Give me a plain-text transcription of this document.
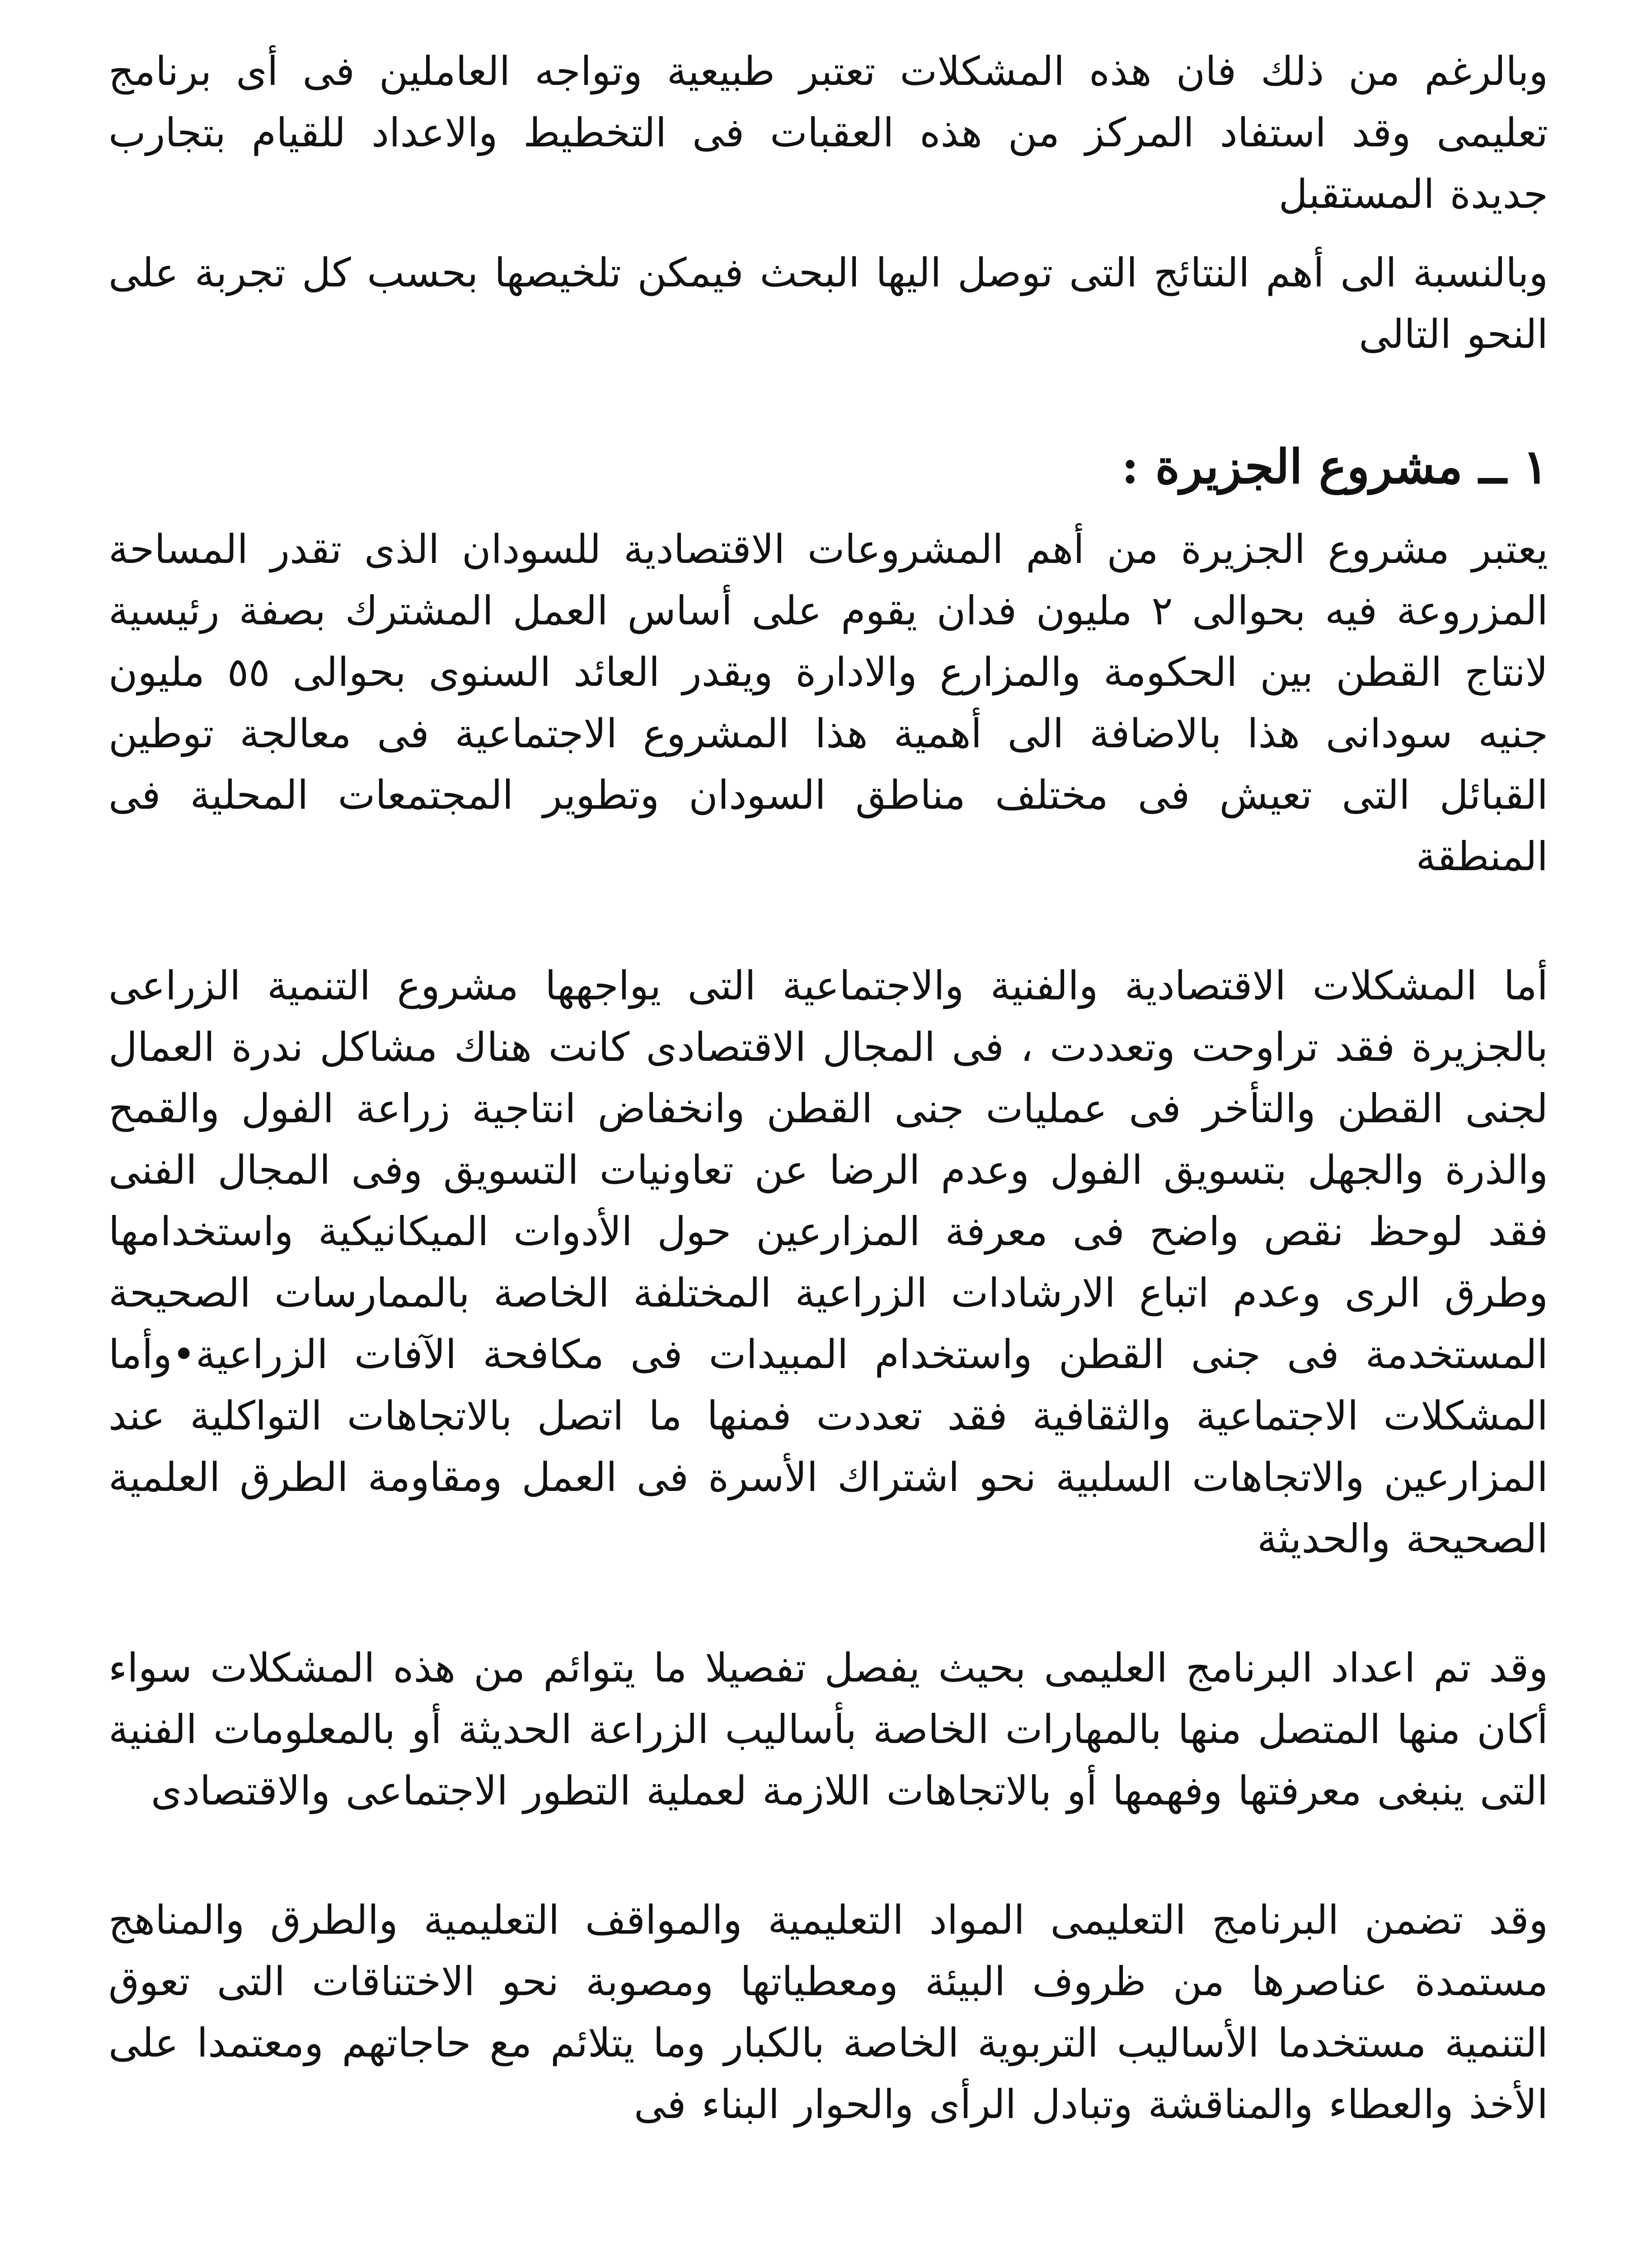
وبالرغم من ذلك فان هذه المشكلات تعتبر طبيعية وتواجه العاملين فى أى برنامج تعليمى وقد استفاد المركز من هذه العقبات فى التخطيط والاعداد للقيام بتجارب جديدة المستقبل

وبالنسبة الى أهم النتائج التى توصل اليها البحث فيمكن تلخيصها بحسب كل تجربة على النحو التالى

١ ــ مشروع الجزيرة :

يعتبر مشروع الجزيرة من أهم المشروعات الاقتصادية للسودان الذى تقدر المساحة المزروعة فيه بحوالى ٢ مليون فدان يقوم على أساس العمل المشترك بصفة رئيسية لانتاج القطن بين الحكومة والمزارع والادارة ويقدر العائد السنوى بحوالى ٥٥ مليون جنيه سودانى هذا بالاضافة الى أهمية هذا المشروع الاجتماعية فى معالجة توطين القبائل التى تعيش فى مختلف مناطق السودان وتطوير المجتمعات المحلية فى المنطقة

أما المشكلات الاقتصادية والفنية والاجتماعية التى يواجهها مشروع التنمية الزراعى بالجزيرة فقد تراوحت وتعددت ، فى المجال الاقتصادى كانت هناك مشاكل ندرة العمال لجنى القطن والتأخر فى عمليات جنى القطن وانخفاض انتاجية زراعة الفول والقمح والذرة والجهل بتسويق الفول وعدم الرضا عن تعاونيات التسويق وفى المجال الفنى فقد لوحظ نقص واضح فى معرفة المزارعين حول الأدوات الميكانيكية واستخدامها وطرق الرى وعدم اتباع الارشادات الزراعية المختلفة الخاصة بالممارسات الصحيحة المستخدمة فى جنى القطن واستخدام المبيدات فى مكافحة الآفات الزراعية•وأما المشكلات الاجتماعية والثقافية فقد تعددت فمنها ما اتصل بالاتجاهات التواكلية عند المزارعين والاتجاهات السلبية نحو اشتراك الأسرة فى العمل ومقاومة الطرق العلمية الصحيحة والحديثة

وقد تم اعداد البرنامج العليمى بحيث يفصل تفصيلا ما يتوائم من هذه المشكلات سواء أكان منها المتصل منها بالمهارات الخاصة بأساليب الزراعة الحديثة أو بالمعلومات الفنية التى ينبغى معرفتها وفهمها أو بالاتجاهات اللازمة لعملية التطور الاجتماعى والاقتصادى

وقد تضمن البرنامج التعليمى المواد التعليمية والمواقف التعليمية والطرق والمناهج مستمدة عناصرها من ظروف البيئة ومعطياتها ومصوبة نحو الاختناقات التى تعوق التنمية مستخدما الأساليب التربوية الخاصة بالكبار وما يتلائم مع حاجاتهم ومعتمدا على الأخذ والعطاء والمناقشة وتبادل الرأى والحوار البناء فى
